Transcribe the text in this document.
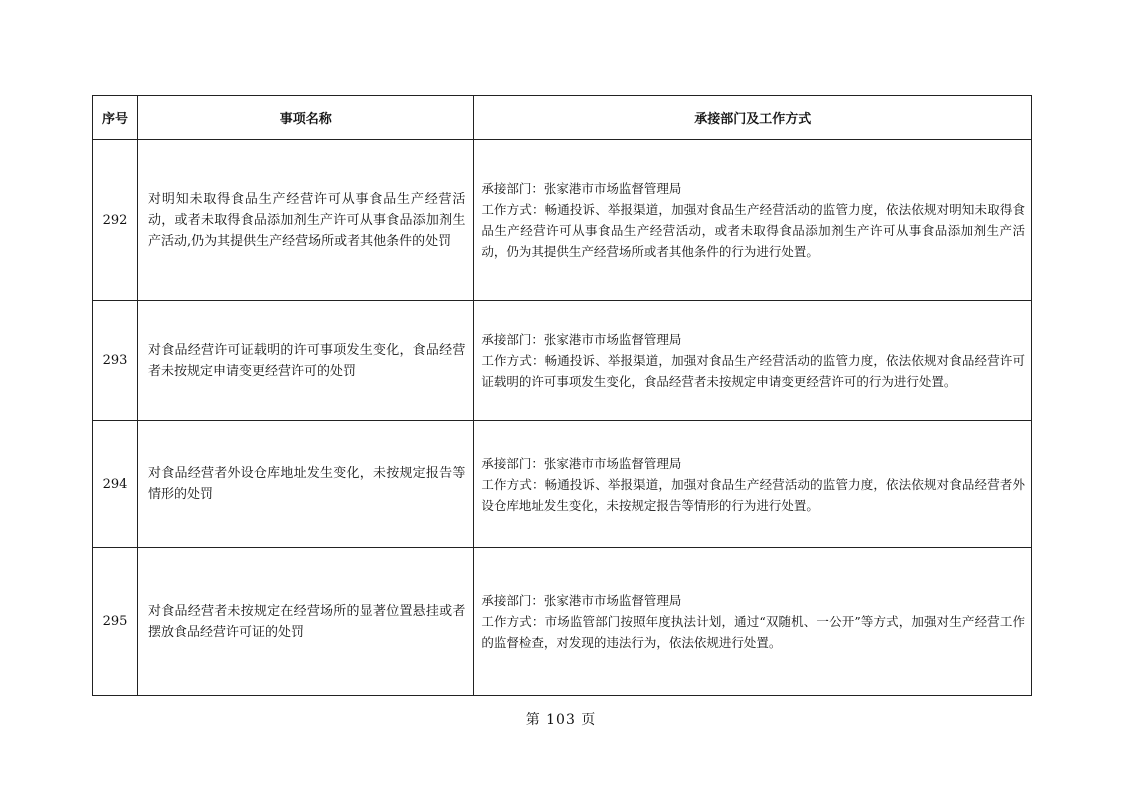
序号	事项名称	承接部门及工作方式
292	对明知未取得食品生产经营许可从事食品生产经营活动，或者未取得食品添加剂生产许可从事食品添加剂生产活动,仍为其提供生产经营场所或者其他条件的处罚	承接部门：张家港市市场监督管理局
工作方式：畅通投诉、举报渠道，加强对食品生产经营活动的监管力度，依法依规对明知未取得食品生产经营许可从事食品生产经营活动，或者未取得食品添加剂生产许可从事食品添加剂生产活动，仍为其提供生产经营场所或者其他条件的行为进行处置。

293	对食品经营许可证载明的许可事项发生变化，食品经营者未按规定申请变更经营许可的处罚	承接部门：张家港市市场监督管理局
工作方式：畅通投诉、举报渠道，加强对食品生产经营活动的监管力度，依法依规对食品经营许可证载明的许可事项发生变化，食品经营者未按规定申请变更经营许可的行为进行处置。

294	对食品经营者外设仓库地址发生变化，未按规定报告等情形的处罚	承接部门：张家港市市场监督管理局
工作方式：畅通投诉、举报渠道，加强对食品生产经营活动的监管力度，依法依规对食品经营者外设仓库地址发生变化，未按规定报告等情形的行为进行处置。

295	对食品经营者未按规定在经营场所的显著位置悬挂或者摆放食品经营许可证的处罚	承接部门：张家港市市场监督管理局
工作方式：市场监管部门按照年度执法计划，通过“双随机、一公开”等方式，加强对生产经营工作的监督检查，对发现的违法行为，依法依规进行处置。
第 103 页
